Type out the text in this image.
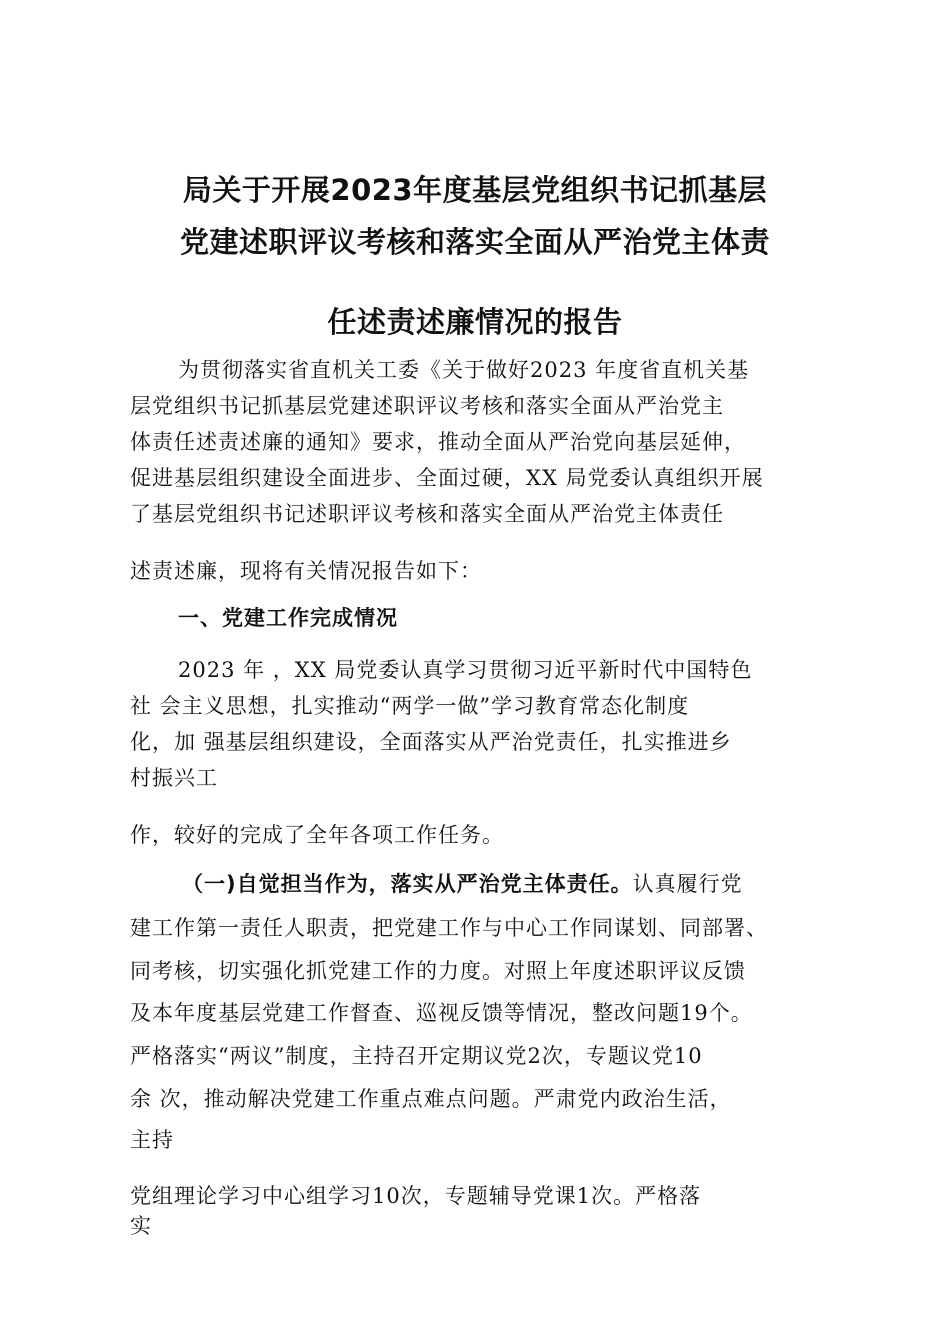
局关于开展2023年度基层党组织书记抓基层
党建述职评议考核和落实全面从严治党主体责
任述责述廉情况的报告
为贯彻落实省直机关工委《关于做好2023 年度省直机关基
层党组织书记抓基层党建述职评议考核和落实全面从严治党主
体责任述责述廉的通知》要求，推动全面从严治党向基层延伸，
促进基层组织建设全面进步、全面过硬，XX 局党委认真组织开展
了基层党组织书记述职评议考核和落实全面从严治党主体责任
述责述廉，现将有关情况报告如下：
一、党建工作完成情况
2023 年 ，XX 局党委认真学习贯彻习近平新时代中国特色
社 会主义思想，扎实推动“两学一做”学习教育常态化制度
化，加 强基层组织建设，全面落实从严治党责任，扎实推进乡
村振兴工
作，较好的完成了全年各项工作任务。
（一)自觉担当作为，落实从严治党主体责任。认真履行党
建工作第一责任人职责，把党建工作与中心工作同谋划、同部署、
同考核，切实强化抓党建工作的力度。对照上年度述职评议反馈
及本年度基层党建工作督查、巡视反馈等情况，整改问题19个。
严格落实“两议”制度，主持召开定期议党2次，专题议党10
余 次，推动解决党建工作重点难点问题。严肃党内政治生活，
主持
党组理论学习中心组学习10次，专题辅导党课1次。严格落
实
